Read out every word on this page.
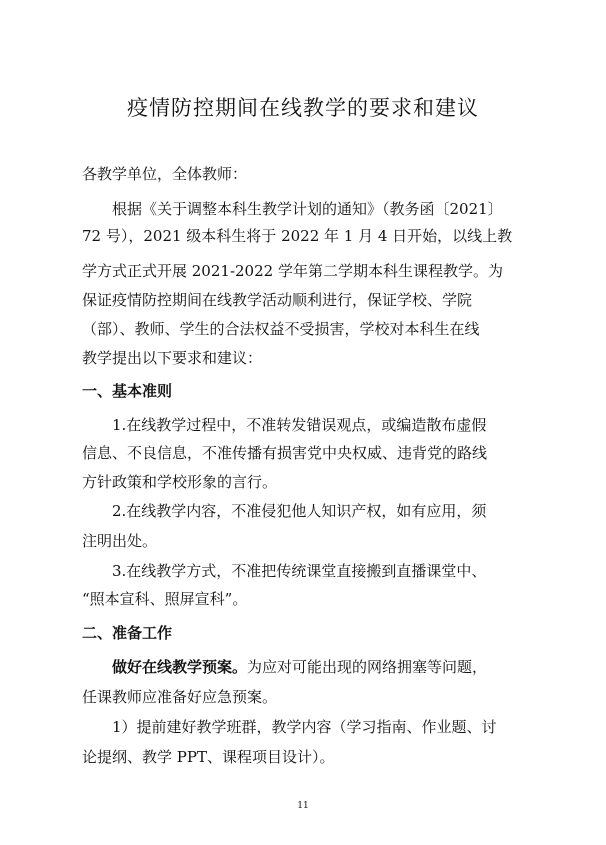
疫情防控期间在线教学的要求和建议
各教学单位，全体教师：
根据《关于调整本科生教学计划的通知》（教务函〔2021〕
72 号），2021 级本科生将于 2022 年 1 月 4 日开始，以线上教
学方式正式开展 2021-2022 学年第二学期本科生课程教学。为
保证疫情防控期间在线教学活动顺利进行，保证学校、学院
（部）、教师、学生的合法权益不受损害，学校对本科生在线
教学提出以下要求和建议：
一、基本准则
1.在线教学过程中，不准转发错误观点，或编造散布虚假
信息、不良信息，不准传播有损害党中央权威、违背党的路线
方针政策和学校形象的言行。
2.在线教学内容，不准侵犯他人知识产权，如有应用，须
注明出处。
3.在线教学方式，不准把传统课堂直接搬到直播课堂中、
“照本宣科、照屏宣科”。
二、准备工作
做好在线教学预案。为应对可能出现的网络拥塞等问题，
任课教师应准备好应急预案。
1）提前建好教学班群，教学内容（学习指南、作业题、讨
论提纲、教学 PPT、课程项目设计）。
11
